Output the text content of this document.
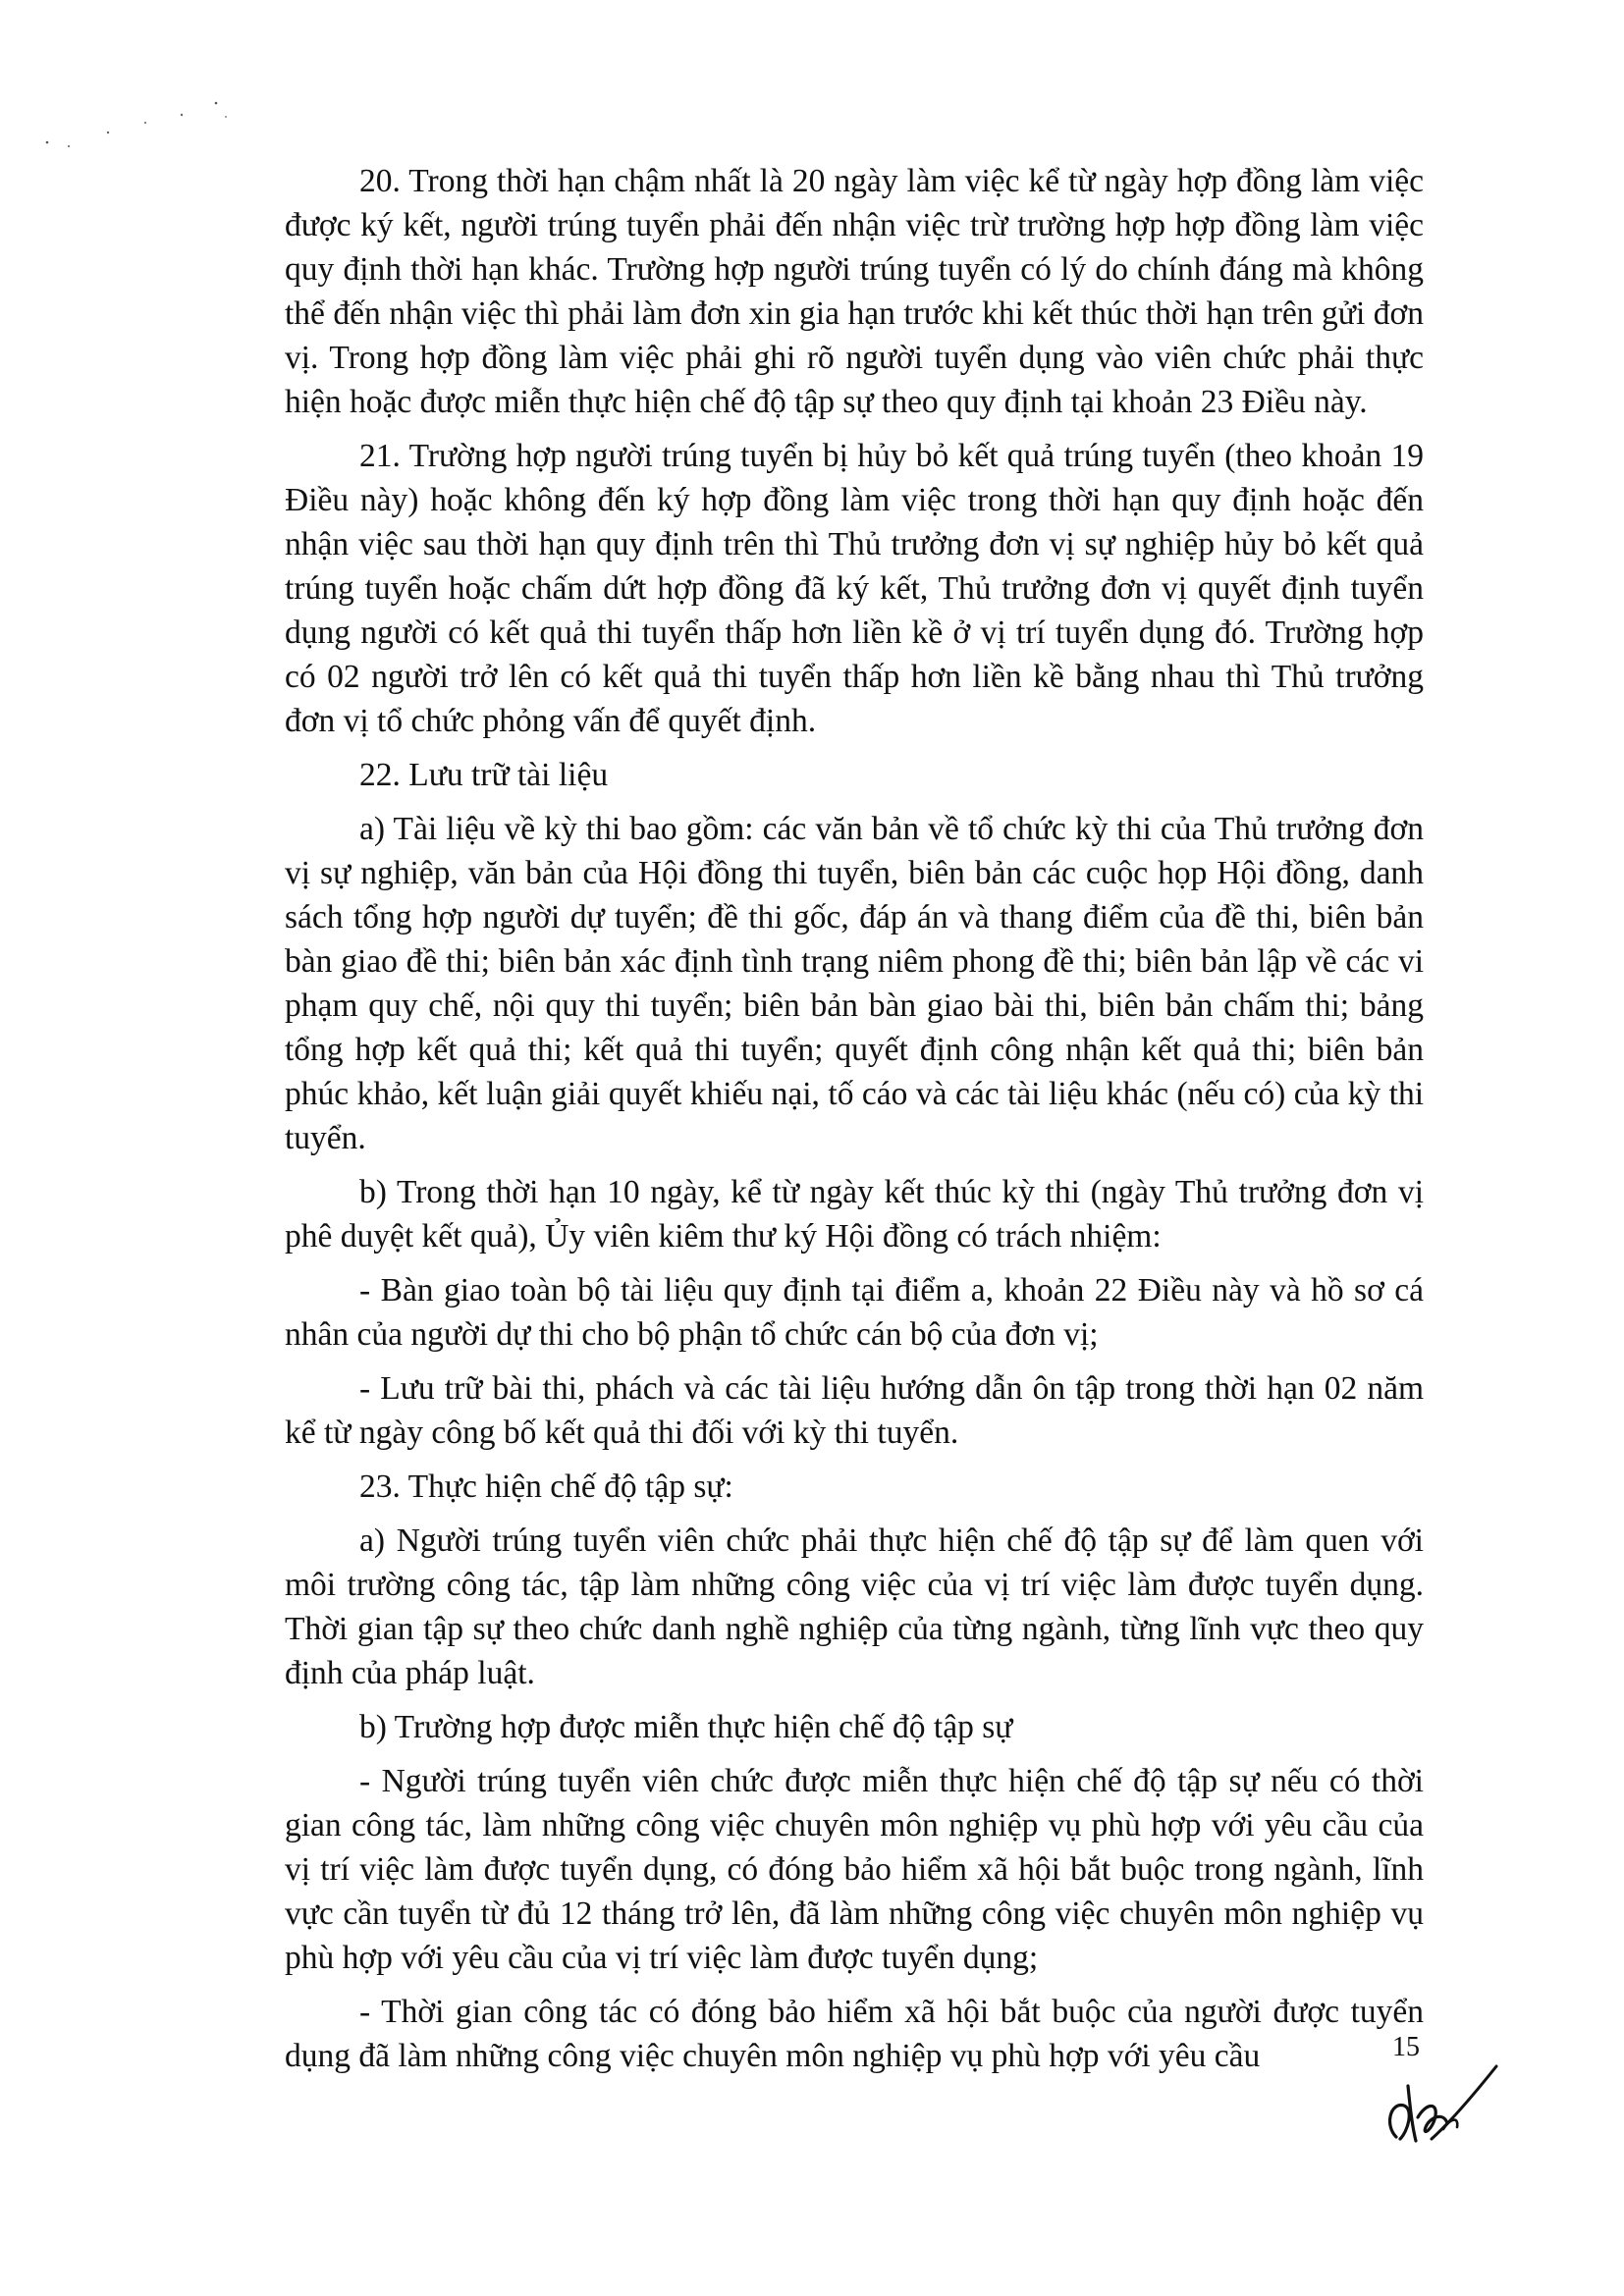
20. Trong thời hạn chậm nhất là 20 ngày làm việc kể từ ngày hợp đồng làm việc được ký kết, người trúng tuyển phải đến nhận việc trừ trường hợp hợp đồng làm việc quy định thời hạn khác. Trường hợp người trúng tuyển có lý do chính đáng mà không thể đến nhận việc thì phải làm đơn xin gia hạn trước khi kết thúc thời hạn trên gửi đơn vị. Trong hợp đồng làm việc phải ghi rõ người tuyển dụng vào viên chức phải thực hiện hoặc được miễn thực hiện chế độ tập sự theo quy định tại khoản 23 Điều này.

21. Trường hợp người trúng tuyển bị hủy bỏ kết quả trúng tuyển (theo khoản 19 Điều này) hoặc không đến ký hợp đồng làm việc trong thời hạn quy định hoặc đến nhận việc sau thời hạn quy định trên thì Thủ trưởng đơn vị sự nghiệp hủy bỏ kết quả trúng tuyển hoặc chấm dứt hợp đồng đã ký kết, Thủ trưởng đơn vị quyết định tuyển dụng người có kết quả thi tuyển thấp hơn liền kề ở vị trí tuyển dụng đó. Trường hợp có 02 người trở lên có kết quả thi tuyển thấp hơn liền kề bằng nhau thì Thủ trưởng đơn vị tổ chức phỏng vấn để quyết định.

22. Lưu trữ tài liệu

a) Tài liệu về kỳ thi bao gồm: các văn bản về tổ chức kỳ thi của Thủ trưởng đơn vị sự nghiệp, văn bản của Hội đồng thi tuyển, biên bản các cuộc họp Hội đồng, danh sách tổng hợp người dự tuyển; đề thi gốc, đáp án và thang điểm của đề thi, biên bản bàn giao đề thi; biên bản xác định tình trạng niêm phong đề thi; biên bản lập về các vi phạm quy chế, nội quy thi tuyển; biên bản bàn giao bài thi, biên bản chấm thi; bảng tổng hợp kết quả thi; kết quả thi tuyển; quyết định công nhận kết quả thi; biên bản phúc khảo, kết luận giải quyết khiếu nại, tố cáo và các tài liệu khác (nếu có) của kỳ thi tuyển.

b) Trong thời hạn 10 ngày, kể từ ngày kết thúc kỳ thi (ngày Thủ trưởng đơn vị phê duyệt kết quả), Ủy viên kiêm thư ký Hội đồng có trách nhiệm:

- Bàn giao toàn bộ tài liệu quy định tại điểm a, khoản 22 Điều này và hồ sơ cá nhân của người dự thi cho bộ phận tổ chức cán bộ của đơn vị;

- Lưu trữ bài thi, phách và các tài liệu hướng dẫn ôn tập trong thời hạn 02 năm kể từ ngày công bố kết quả thi đối với kỳ thi tuyển.

23. Thực hiện chế độ tập sự:

a) Người trúng tuyển viên chức phải thực hiện chế độ tập sự để làm quen với môi trường công tác, tập làm những công việc của vị trí việc làm được tuyển dụng. Thời gian tập sự theo chức danh nghề nghiệp của từng ngành, từng lĩnh vực theo quy định của pháp luật.

b) Trường hợp được miễn thực hiện chế độ tập sự

- Người trúng tuyển viên chức được miễn thực hiện chế độ tập sự nếu có thời gian công tác, làm những công việc chuyên môn nghiệp vụ phù hợp với yêu cầu của vị trí việc làm được tuyển dụng, có đóng bảo hiểm xã hội bắt buộc trong ngành, lĩnh vực cần tuyển từ đủ 12 tháng trở lên, đã làm những công việc chuyên môn nghiệp vụ phù hợp với yêu cầu của vị trí việc làm được tuyển dụng;

- Thời gian công tác có đóng bảo hiểm xã hội bắt buộc của người được tuyển dụng đã làm những công việc chuyên môn nghiệp vụ phù hợp với yêu cầu	15
